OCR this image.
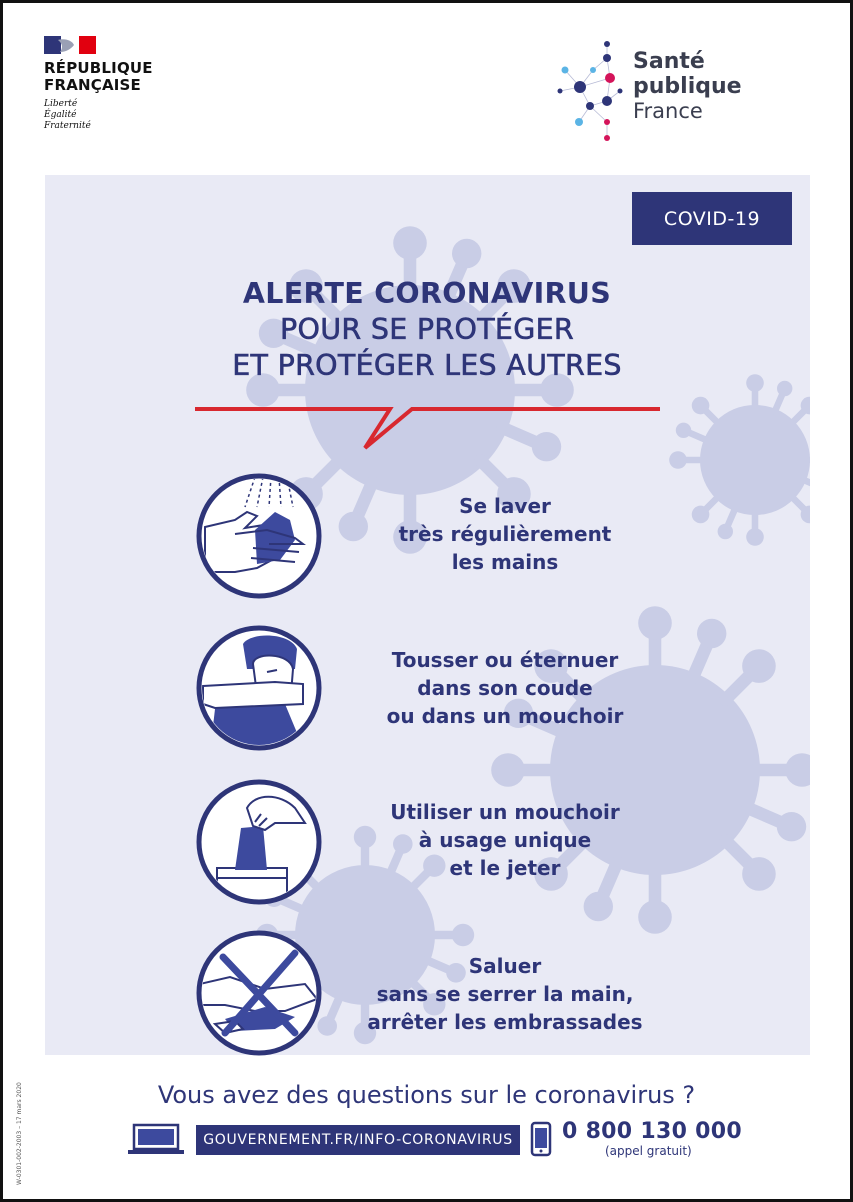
RÉPUBLIQUE
FRANÇAISE
Liberté
Égalité
Fraternité
Santé
publique
France
COVID-19
ALERTE CORONAVIRUS
POUR SE PROTÉGER
ET PROTÉGER LES AUTRES
Se laver
très régulièrement
les mains
Tousser ou éternuer
dans son coude
ou dans un mouchoir
Utiliser un mouchoir
à usage unique
et le jeter
Saluer
sans se serrer la main,
arrêter les embrassades
Vous avez des questions sur le coronavirus ?
GOUVERNEMENT.FR/INFO-CORONAVIRUS	0 800 130 000
(appel gratuit)
W-0301-002-2003 – 17 mars 2020
